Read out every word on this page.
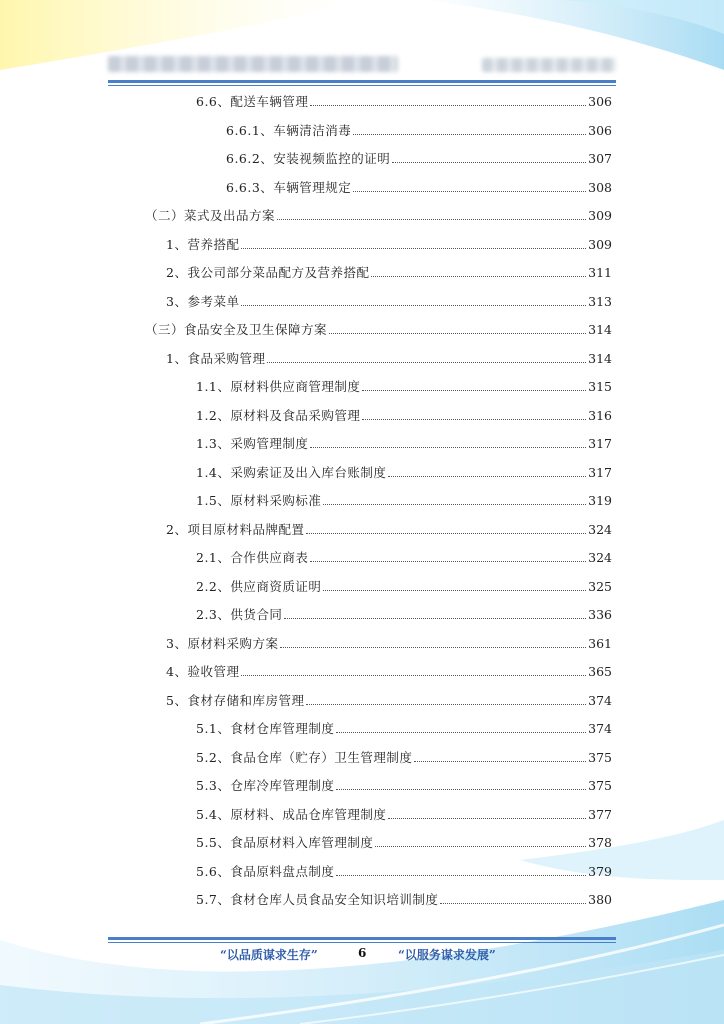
6.6、配送车辆管理	306
6.6.1、车辆清洁消毒	306
6.6.2、安装视频监控的证明	307
6.6.3、车辆管理规定	308
（二）菜式及出品方案	309
1、营养搭配	309
2、我公司部分菜品配方及营养搭配	311
3、参考菜单	313
（三）食品安全及卫生保障方案	314
1、食品采购管理	314
1.1、原材料供应商管理制度	315
1.2、原材料及食品采购管理	316
1.3、采购管理制度	317
1.4、采购索证及出入库台账制度	317
1.5、原材料采购标准	319
2、项目原材料品牌配置	324
2.1、合作供应商表	324
2.2、供应商资质证明	325
2.3、供货合同	336
3、原材料采购方案	361
4、验收管理	365
5、食材存储和库房管理	374
5.1、食材仓库管理制度	374
5.2、食品仓库（贮存）卫生管理制度	375
5.3、仓库冷库管理制度	375
5.4、原材料、成品仓库管理制度	377
5.5、食品原材料入库管理制度	378
5.6、食品原料盘点制度	379
5.7、食材仓库人员食品安全知识培训制度	380
“以品质谋求生存”	6	“以服务谋求发展”
